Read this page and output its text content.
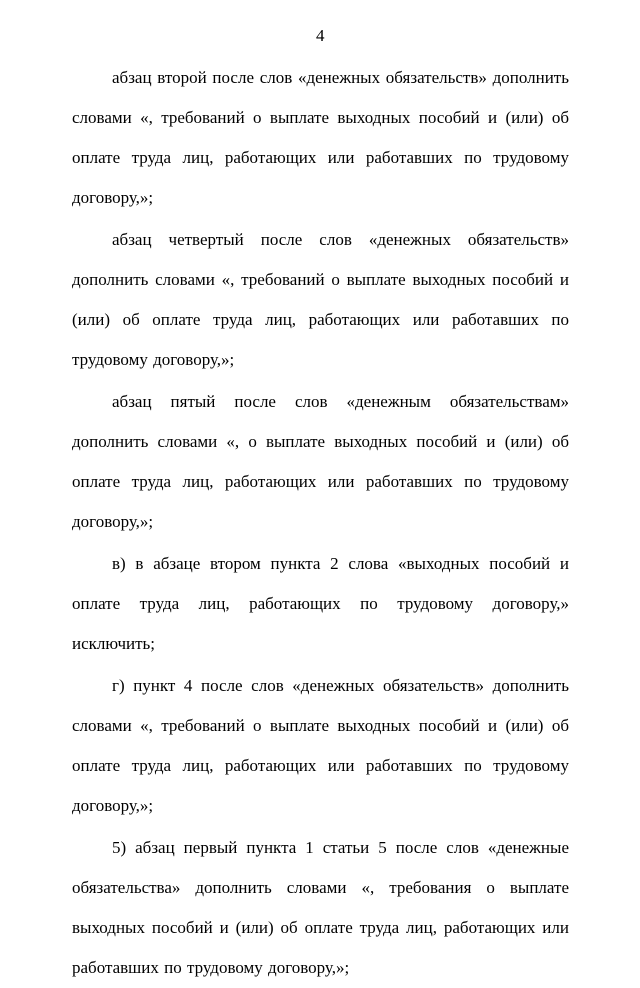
4

абзац второй после слов «денежных обязательств» дополнить словами «, требований о выплате выходных пособий и (или) об оплате труда лиц, работающих или работавших по трудовому договору,»;

абзац четвертый после слов «денежных обязательств» дополнить словами «, требований о выплате выходных пособий и (или) об оплате труда лиц, работающих или работавших по трудовому договору,»;

абзац пятый после слов «денежным обязательствам» дополнить словами «, о выплате выходных пособий и (или) об оплате труда лиц, работающих или работавших по трудовому договору,»;

в) в абзаце втором пункта 2 слова «выходных пособий и оплате труда лиц, работающих по трудовому договору,» исключить;

г) пункт 4 после слов «денежных обязательств» дополнить словами «, требований о выплате выходных пособий и (или) об оплате труда лиц, работающих или работавших по трудовому договору,»;

5) абзац первый пункта 1 статьи 5 после слов «денежные обязательства» дополнить словами «, требования о выплате выходных пособий и (или) об оплате труда лиц, работающих или работавших по трудовому договору,»;
